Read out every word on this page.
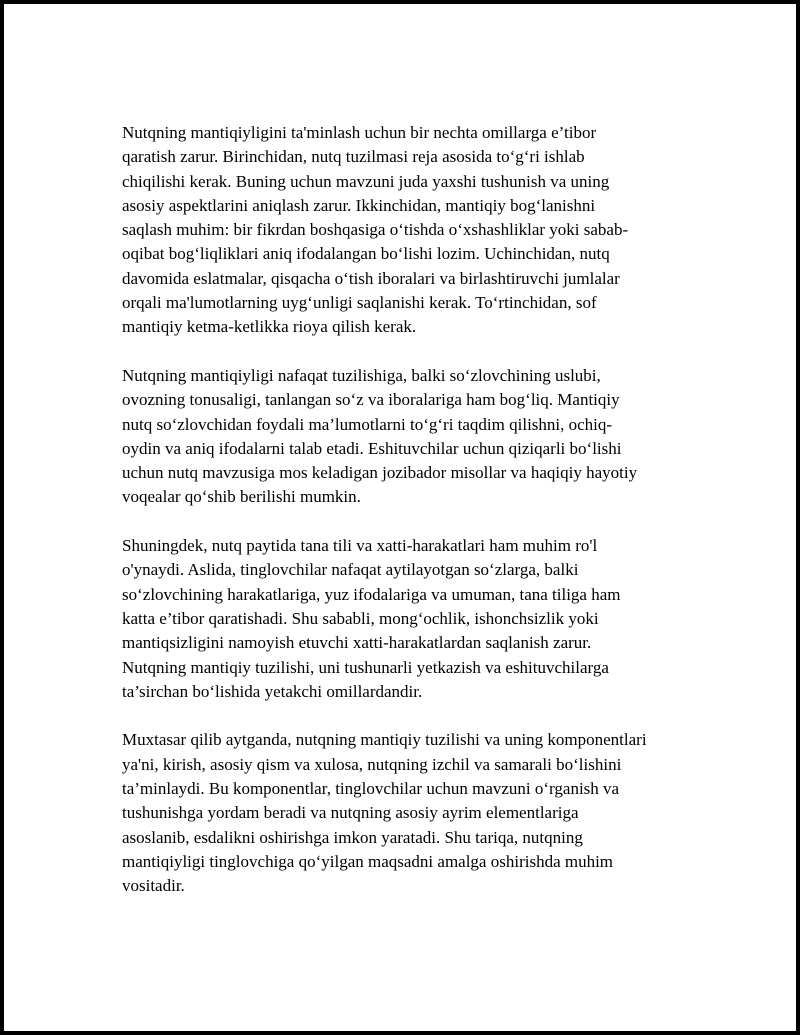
Nutqning mantiqiyligini ta'minlash uchun bir nechta omillarga e’tibor
qaratish zarur. Birinchidan, nutq tuzilmasi reja asosida to‘g‘ri ishlab
chiqilishi kerak. Buning uchun mavzuni juda yaxshi tushunish va uning
asosiy aspektlarini aniqlash zarur. Ikkinchidan, mantiqiy bog‘lanishni
saqlash muhim: bir fikrdan boshqasiga o‘tishda o‘xshashliklar yoki sabab-
oqibat bog‘liqliklari aniq ifodalangan bo‘lishi lozim. Uchinchidan, nutq
davomida eslatmalar, qisqacha o‘tish iboralari va birlashtiruvchi jumlalar
orqali ma'lumotlarning uyg‘unligi saqlanishi kerak. To‘rtinchidan, sof
mantiqiy ketma-ketlikka rioya qilish kerak.

Nutqning mantiqiyligi nafaqat tuzilishiga, balki so‘zlovchining uslubi,
ovozning tonusaligi, tanlangan so‘z va iboralariga ham bog‘liq. Mantiqiy
nutq so‘zlovchidan foydali ma’lumotlarni to‘g‘ri taqdim qilishni, ochiq-
oydin va aniq ifodalarni talab etadi. Eshituvchilar uchun qiziqarli bo‘lishi
uchun nutq mavzusiga mos keladigan jozibador misollar va haqiqiy hayotiy
voqealar qo‘shib berilishi mumkin.

Shuningdek, nutq paytida tana tili va xatti-harakatlari ham muhim ro'l
o'ynaydi. Aslida, tinglovchilar nafaqat aytilayotgan so‘zlarga, balki
so‘zlovchining harakatlariga, yuz ifodalariga va umuman, tana tiliga ham
katta e’tibor qaratishadi. Shu sababli, mong‘ochlik, ishonchsizlik yoki
mantiqsizligini namoyish etuvchi xatti-harakatlardan saqlanish zarur.
Nutqning mantiqiy tuzilishi, uni tushunarli yetkazish va eshituvchilarga
ta’sirchan bo‘lishida yetakchi omillardandir.

Muxtasar qilib aytganda, nutqning mantiqiy tuzilishi va uning komponentlari
ya'ni, kirish, asosiy qism va xulosa, nutqning izchil va samarali bo‘lishini
ta’minlaydi. Bu komponentlar, tinglovchilar uchun mavzuni o‘rganish va
tushunishga yordam beradi va nutqning asosiy ayrim elementlariga
asoslanib, esdalikni oshirishga imkon yaratadi. Shu tariqa, nutqning
mantiqiyligi tinglovchiga qo‘yilgan maqsadni amalga oshirishda muhim
vositadir.
